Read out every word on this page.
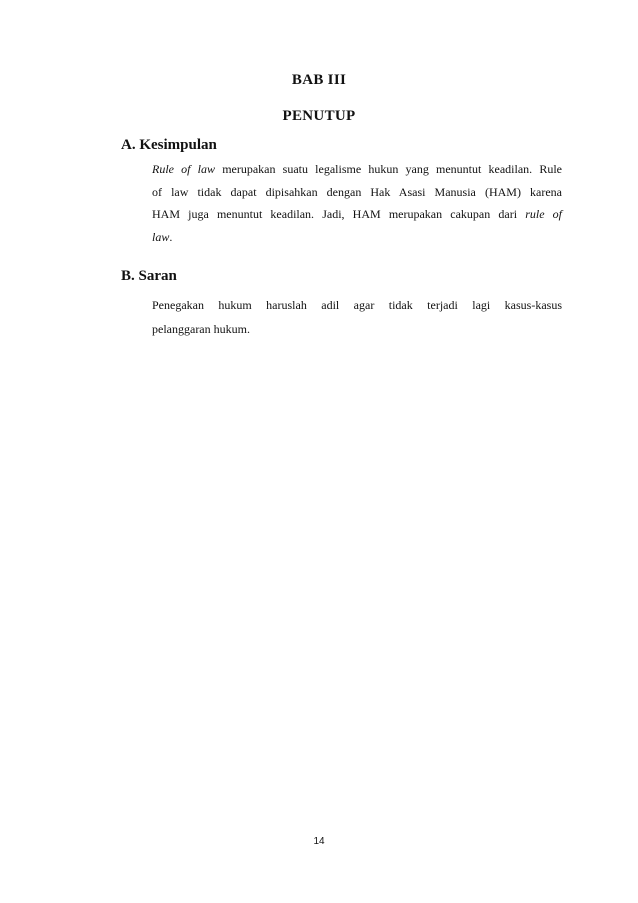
BAB III
PENUTUP
A. Kesimpulan
Rule of law merupakan suatu legalisme hukun yang menuntut keadilan. Rule
of law tidak dapat dipisahkan dengan Hak Asasi Manusia (HAM) karena
HAM juga menuntut keadilan. Jadi, HAM merupakan cakupan dari rule of
law.
B. Saran
Penegakan hukum haruslah adil agar tidak terjadi lagi kasus-kasus
pelanggaran hukum.
14
